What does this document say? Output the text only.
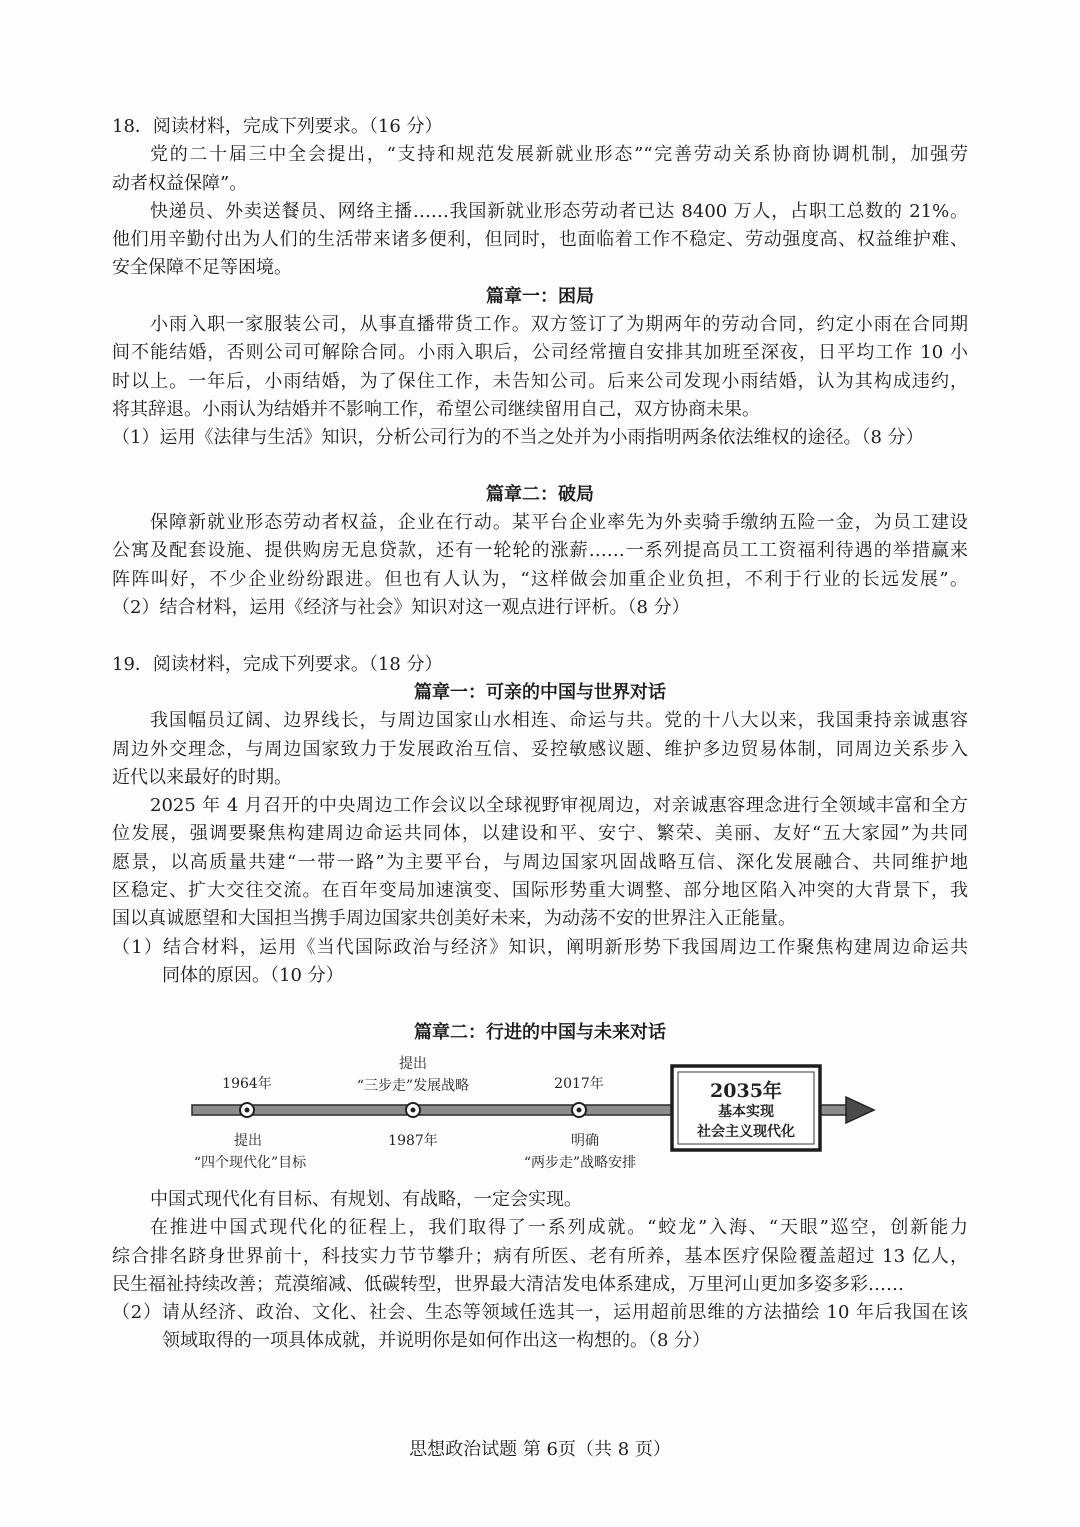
18．阅读材料，完成下列要求。（16 分）
党的二十届三中全会提出，“支持和规范发展新就业形态”“完善劳动关系协商协调机制，加强劳
动者权益保障”。
快递员、外卖送餐员、网络主播……我国新就业形态劳动者已达 8400 万人，占职工总数的 21%。
他们用辛勤付出为人们的生活带来诸多便利，但同时，也面临着工作不稳定、劳动强度高、权益维护难、
安全保障不足等困境。
篇章一：困局
小雨入职一家服装公司，从事直播带货工作。双方签订了为期两年的劳动合同，约定小雨在合同期
间不能结婚，否则公司可解除合同。小雨入职后，公司经常擅自安排其加班至深夜，日平均工作 10 小
时以上。一年后，小雨结婚，为了保住工作，未告知公司。后来公司发现小雨结婚，认为其构成违约，
将其辞退。小雨认为结婚并不影响工作，希望公司继续留用自己，双方协商未果。
（1）运用《法律与生活》知识，分析公司行为的不当之处并为小雨指明两条依法维权的途径。（8 分）
篇章二：破局
保障新就业形态劳动者权益，企业在行动。某平台企业率先为外卖骑手缴纳五险一金，为员工建设
公寓及配套设施、提供购房无息贷款，还有一轮轮的涨薪……一系列提高员工工资福利待遇的举措赢来
阵阵叫好，不少企业纷纷跟进。但也有人认为，“这样做会加重企业负担，不利于行业的长远发展”。
（2）结合材料，运用《经济与社会》知识对这一观点进行评析。（8 分）
19．阅读材料，完成下列要求。（18 分）
篇章一：可亲的中国与世界对话
我国幅员辽阔、边界线长，与周边国家山水相连、命运与共。党的十八大以来，我国秉持亲诚惠容
周边外交理念，与周边国家致力于发展政治互信、妥控敏感议题、维护多边贸易体制，同周边关系步入
近代以来最好的时期。
2025 年 4 月召开的中央周边工作会议以全球视野审视周边，对亲诚惠容理念进行全领域丰富和全方
位发展，强调要聚焦构建周边命运共同体，以建设和平、安宁、繁荣、美丽、友好“五大家园”为共同
愿景，以高质量共建“一带一路”为主要平台，与周边国家巩固战略互信、深化发展融合、共同维护地
区稳定、扩大交往交流。在百年变局加速演变、国际形势重大调整、部分地区陷入冲突的大背景下，我
国以真诚愿望和大国担当携手周边国家共创美好未来，为动荡不安的世界注入正能量。
（1）结合材料，运用《当代国际政治与经济》知识，阐明新形势下我国周边工作聚焦构建周边命运共
同体的原因。（10 分）
篇章二：行进的中国与未来对话
1964年
提出
“四个现代化”目标
提出
“三步走”发展战略
1987年
2017年
明确
“两步走”战略安排
2035年
基本实现
社会主义现代化
中国式现代化有目标、有规划、有战略，一定会实现。
在推进中国式现代化的征程上，我们取得了一系列成就。“蛟龙”入海、“天眼”巡空，创新能力
综合排名跻身世界前十，科技实力节节攀升；病有所医、老有所养，基本医疗保险覆盖超过 13 亿人，
民生福祉持续改善；荒漠缩减、低碳转型，世界最大清洁发电体系建成，万里河山更加多姿多彩……
（2）请从经济、政治、文化、社会、生态等领域任选其一，运用超前思维的方法描绘 10 年后我国在该
领域取得的一项具体成就，并说明你是如何作出这一构想的。（8 分）
思想政治试题 第 6页（共 8 页）
